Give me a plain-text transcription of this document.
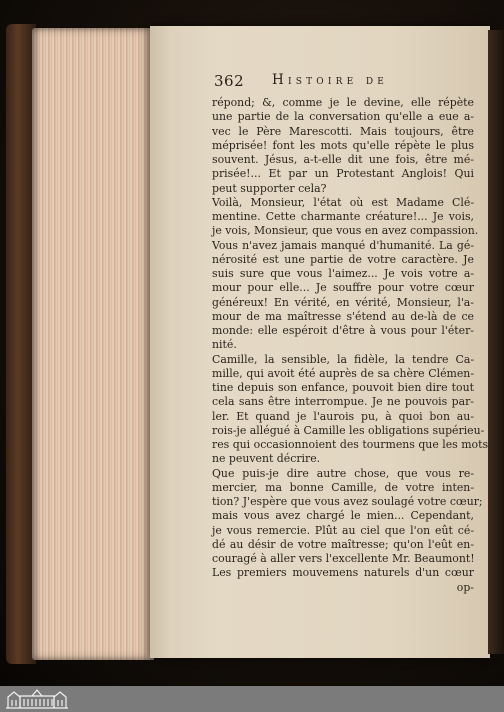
362 Histoire de
répond; &, comme je le devine, elle répète
une partie de la conversation qu'elle a eue a-
vec le Père Marescotti. Mais toujours, être
méprisée! font les mots qu'elle répète le plus
souvent. Jésus, a-t-elle dit une fois, être mé-
prisée!... Et par un Protestant Anglois! Qui
peut supporter cela?
Voilà, Monsieur, l'état où est Madame Clé-
mentine. Cette charmante créature!... Je vois,
je vois, Monsieur, que vous en avez compassion.
Vous n'avez jamais manqué d'humanité. La gé-
nérosité est une partie de votre caractère. Je
suis sure que vous l'aimez... Je vois votre a-
mour pour elle... Je souffre pour votre cœur
généreux! En vérité, en vérité, Monsieur, l'a-
mour de ma maîtresse s'étend au de-là de ce
monde: elle espéroit d'être à vous pour l'éter-
nité.
Camille, la sensible, la fidèle, la tendre Ca-
mille, qui avoit été auprès de sa chère Clémen-
tine depuis son enfance, pouvoit bien dire tout
cela sans être interrompue. Je ne pouvois par-
ler. Et quand je l'aurois pu, à quoi bon au-
rois-je allégué à Camille les obligations supérieu-
res qui occasionnoient des tourmens que les mots
ne peuvent décrire.
Que puis-je dire autre chose, que vous re-
mercier, ma bonne Camille, de votre inten-
tion? J'espère que vous avez soulagé votre cœur;
mais vous avez chargé le mien... Cependant,
je vous remercie. Plût au ciel que l'on eût cé-
dé au désir de votre maîtresse; qu'on l'eût en-
couragé à aller vers l'excellente Mr. Beaumont!
Les premiers mouvemens naturels d'un cœur
op-
